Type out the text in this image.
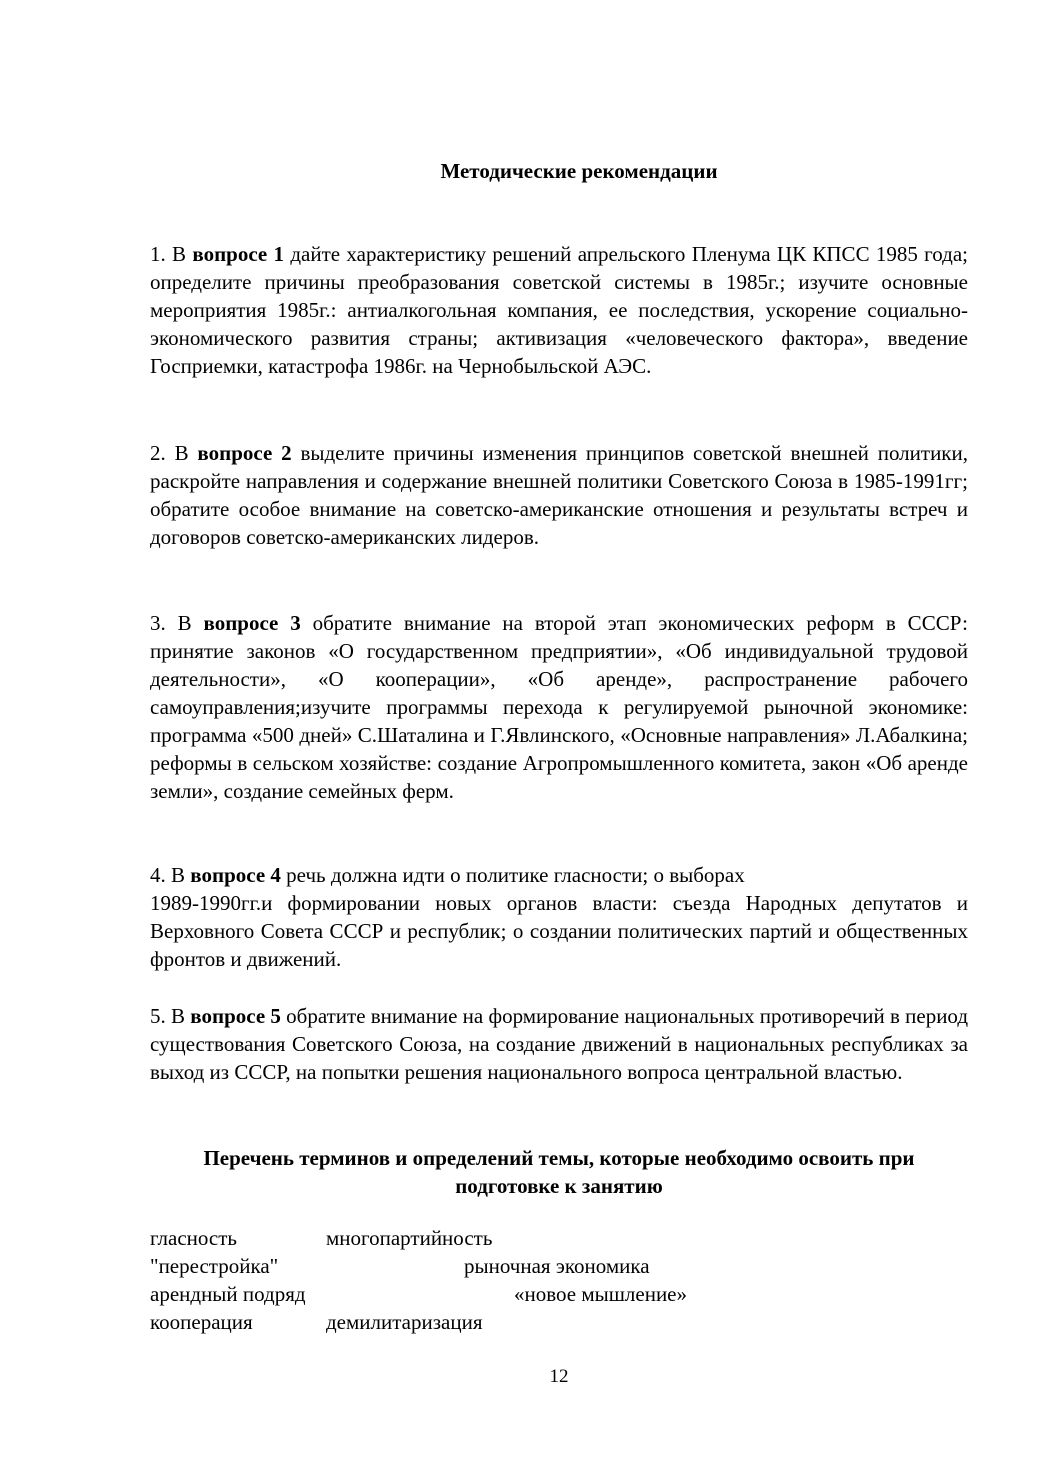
Методические рекомендации
1. В вопросе 1 дайте характеристику решений апрельского Пленума ЦК КПСС 1985 года; определите причины преобразования советской системы в 1985г.; изучите основные мероприятия 1985г.: антиалкогольная компания, ее последствия, ускорение социально-экономического развития страны; активизация «человеческого фактора», введение Госприемки, катастрофа 1986г. на Чернобыльской АЭС.
2. В вопросе 2 выделите причины изменения принципов советской внешней политики, раскройте направления и содержание внешней политики Советского Союза в 1985-1991гг; обратите особое внимание на советско-американские отношения и результаты встреч и договоров советско-американских лидеров.
3. В вопросе 3 обратите внимание на второй этап экономических реформ в СССР: принятие законов «О государственном предприятии», «Об индивидуальной трудовой деятельности», «О кооперации», «Об аренде», распространение рабочего самоуправления;изучите программы перехода к регулируемой рыночной экономике: программа «500 дней» С.Шаталина и Г.Явлинского, «Основные направления» Л.Абалкина; реформы в сельском хозяйстве: создание Агропромышленного комитета, закон «Об аренде земли», создание семейных ферм.
4. В вопросе 4 речь должна идти о политике гласности; о выборах
1989-1990гг.и формировании новых органов власти: съезда Народных депутатов и Верховного Совета СССР и республик; о создании политических партий и общественных фронтов и движений.
5. В вопросе 5 обратите внимание на формирование национальных противоречий в период существования Советского Союза, на создание движений в национальных республиках за выход из СССР, на попытки решения национального вопроса центральной властью.
Перечень терминов и определений темы, которые необходимо освоить при подготовке к занятию
гласность	многопартийность
"перестройка"	рыночная экономика
арендный подряд	«новое мышление»
кооперация	демилитаризация
12
